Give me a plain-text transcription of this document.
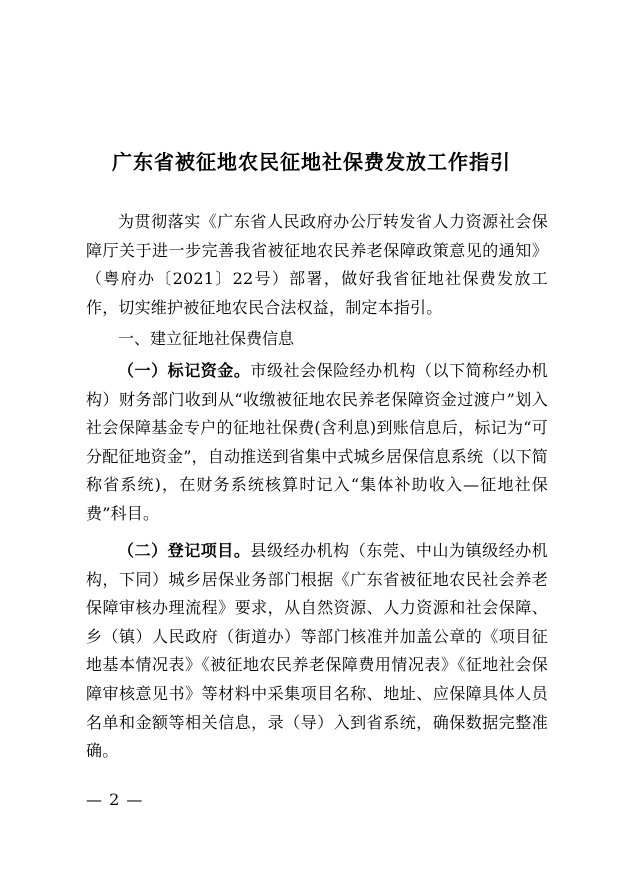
广东省被征地农民征地社保费发放工作指引
为贯彻落实《广东省人民政府办公厅转发省人力资源社会保障厅关于进一步完善我省被征地农民养老保障政策意见的通知》（粤府办〔2021〕22号）部署，做好我省征地社保费发放工作，切实维护被征地农民合法权益，制定本指引。
一、建立征地社保费信息
（一）标记资金。市级社会保险经办机构（以下简称经办机构）财务部门收到从“收缴被征地农民养老保障资金过渡户”划入社会保障基金专户的征地社保费(含利息)到账信息后，标记为“可分配征地资金”，自动推送到省集中式城乡居保信息系统（以下简称省系统)，在财务系统核算时记入“集体补助收入—征地社保费”科目。
（二）登记项目。县级经办机构（东莞、中山为镇级经办机构，下同）城乡居保业务部门根据《广东省被征地农民社会养老保障审核办理流程》要求，从自然资源、人力资源和社会保障、乡（镇）人民政府（街道办）等部门核准并加盖公章的《项目征地基本情况表》《被征地农民养老保障费用情况表》《征地社会保障审核意见书》等材料中采集项目名称、地址、应保障具体人员名单和金额等相关信息，录（导）入到省系统，确保数据完整准确。
— 2 —
